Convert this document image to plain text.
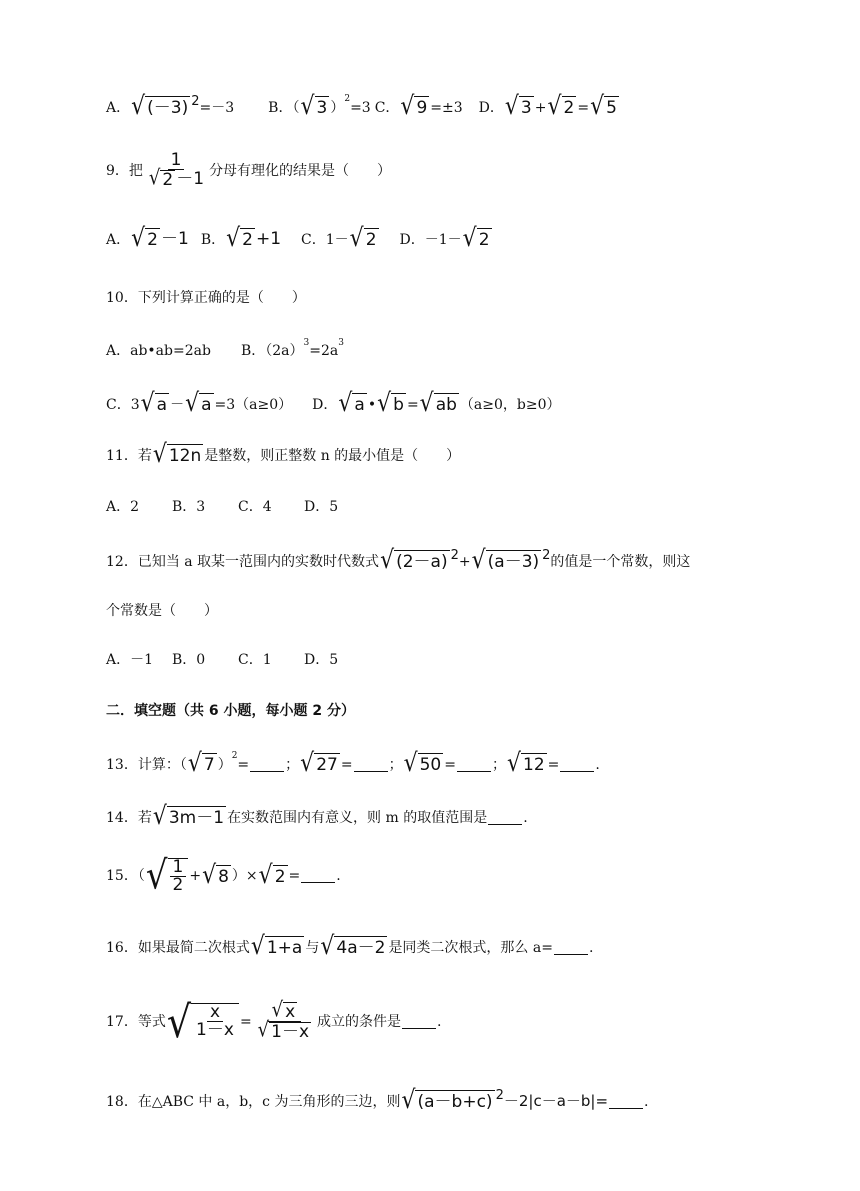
A． √ (－3) 2 =－3 B．（ √ 3 ）
2
=3 C． √ 9 =±3 D． √ 3 + √ 2 = √ 5
9．把 $\frac{1}{√ 2 -1}$ 分母有理化的结果是（　　）
A． √ 2 －1 B． √ 2 +1 C．1－ √ 2 D．－1－ √ 2
10．下列计算正确的是（　　）
A．ab•ab=2ab B．（2a）
3
=2a
3
C．3 √ a － √ a =3（a≥0） D． √ a • √ b = √ ab （a≥0，b≥0）
11．若 √ 12n 是整数，则正整数 n 的最小值是（　　）
A．2	B．3	C．4	D．5
12．已知当 a 取某一范围内的实数时代数式 √ (2－a) 2 + √ (a－3) 2 的值是一个常数，则这
个常数是（　　）
A．－1	B．0	C．1	D．5
二．填空题（共 6 小题，每小题 2 分）
13．计算：（ √ 7 ）
2
=	； √ 27 =	； √ 50 =	； √ 12 =	.
14．若 √ 3m－1 在实数范围内有意义，则 m 的取值范围是	.
15．（ √ $\frac{1}{2}$ + √ 8 ）× √ 2 =	.
16．如果最简二次根式 √ 1+a 与 √ 4a－2 是同类二次根式，那么 a=	.
17．等式 √ $\frac{x}{1-x} = \frac{√ x}{√ 1-x}$ 成立的条件是	.
18．在△ABC 中 a，b，c 为三角形的三边，则 √ (a－b+c) 2 －2|c－a－b|=	.
